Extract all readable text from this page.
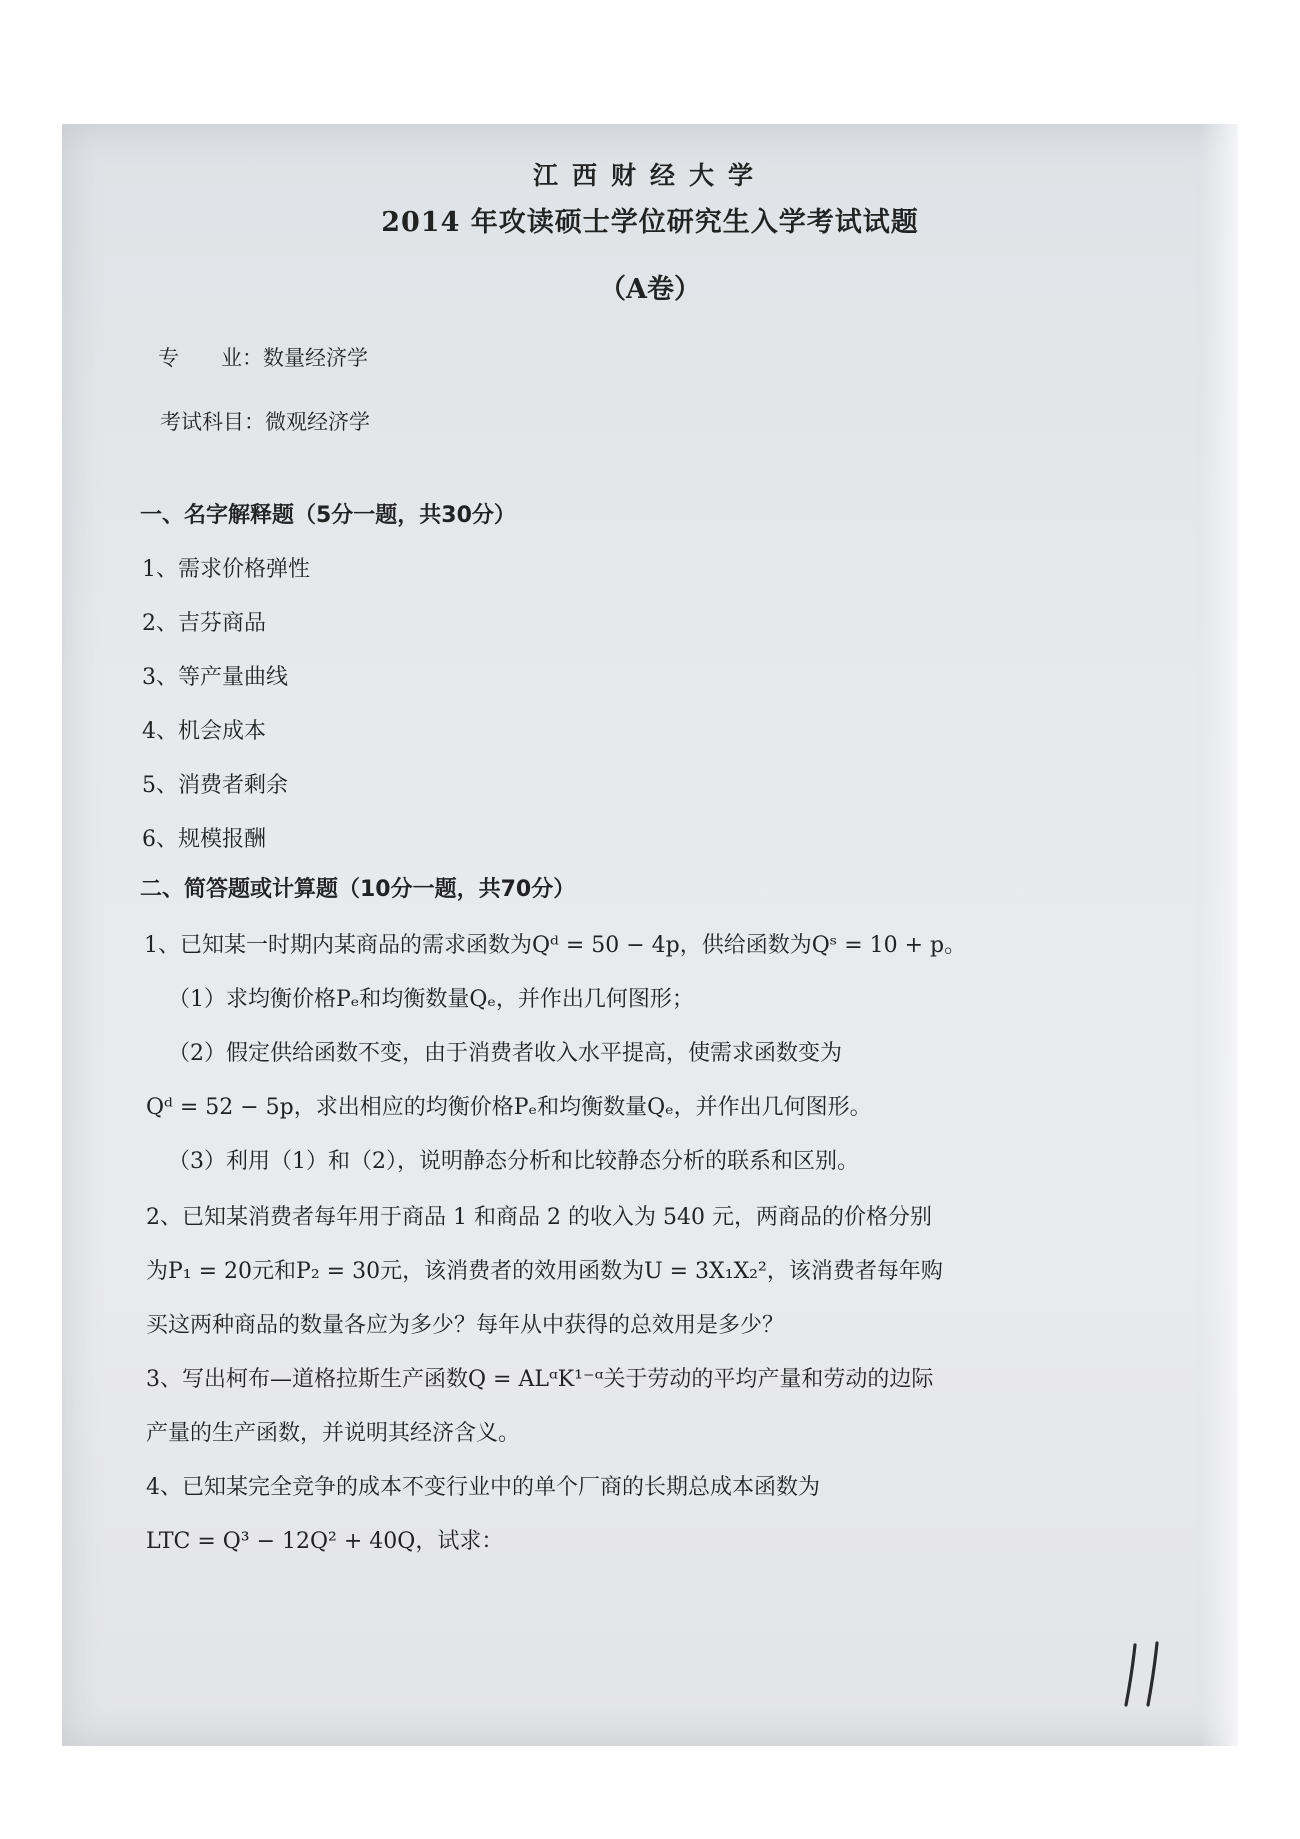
江西财经大学
2014 年攻读硕士学位研究生入学考试试题
（A卷）
专　　业：数量经济学
考试科目：微观经济学
一、名字解释题（5分一题，共30分）
1、需求价格弹性
2、吉芬商品
3、等产量曲线
4、机会成本
5、消费者剩余
6、规模报酬
二、简答题或计算题（10分一题，共70分）
1、已知某一时期内某商品的需求函数为Qᵈ = 50 − 4p，供给函数为Qˢ = 10 + p。
（1）求均衡价格Pₑ和均衡数量Qₑ，并作出几何图形；
（2）假定供给函数不变，由于消费者收入水平提高，使需求函数变为
Qᵈ = 52 − 5p，求出相应的均衡价格Pₑ和均衡数量Qₑ，并作出几何图形。
（3）利用（1）和（2），说明静态分析和比较静态分析的联系和区别。
2、已知某消费者每年用于商品 1 和商品 2 的收入为 540 元，两商品的价格分别
为P₁ = 20元和P₂ = 30元，该消费者的效用函数为U = 3X₁X₂²，该消费者每年购
买这两种商品的数量各应为多少？每年从中获得的总效用是多少？
3、写出柯布—道格拉斯生产函数Q = ALᵅK¹⁻ᵅ关于劳动的平均产量和劳动的边际
产量的生产函数，并说明其经济含义。
4、已知某完全竞争的成本不变行业中的单个厂商的长期总成本函数为
LTC = Q³ − 12Q² + 40Q，试求：
